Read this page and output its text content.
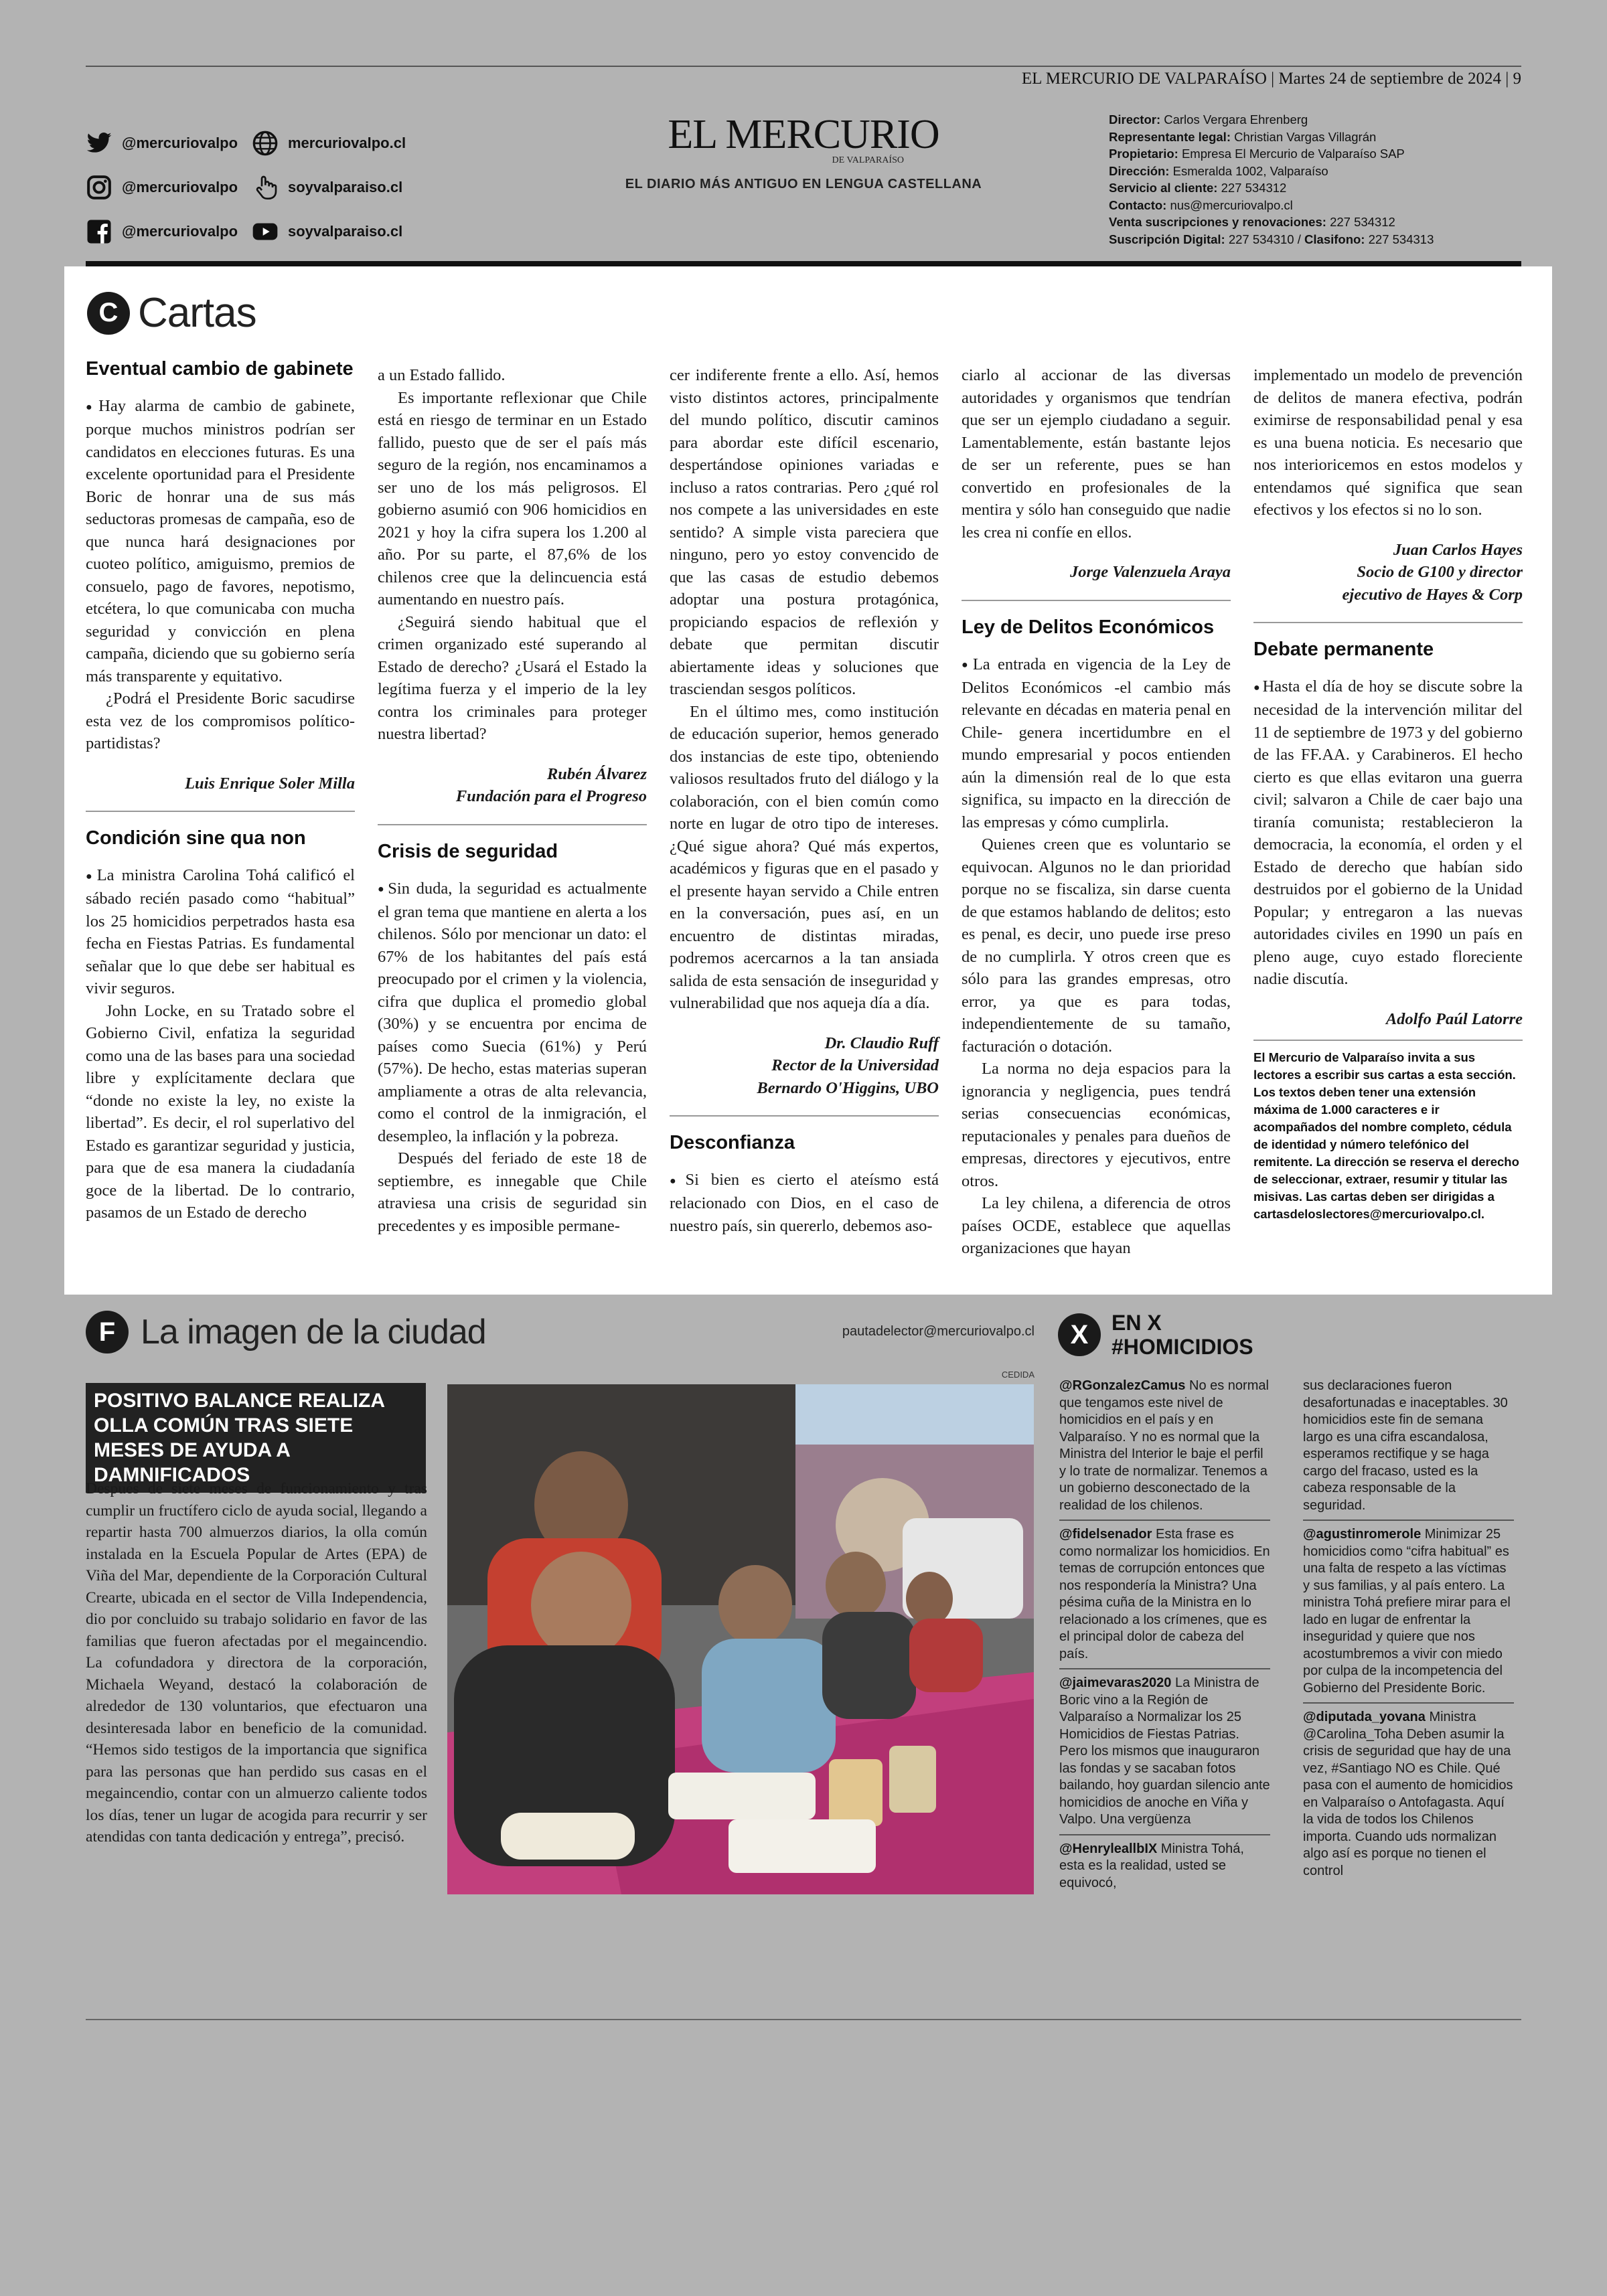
EL MERCURIO DE VALPARAÍSO | Martes 24 de septiembre de 2024 | 9
@mercuriovalpo	mercuriovalpo.cl
@mercuriovalpo	soyvalparaiso.cl
@mercuriovalpo	soyvalparaiso.cl
EL MERCURIO
DE VALPARAÍSO
EL DIARIO MÁS ANTIGUO EN LENGUA CASTELLANA
Director: Carlos Vergara Ehrenberg
Representante legal: Christian Vargas Villagrán
Propietario: Empresa El Mercurio de Valparaíso SAP
Dirección: Esmeralda 1002, Valparaíso
Servicio al cliente: 227 534312
Contacto: nus@mercuriovalpo.cl
Venta suscripciones y renovaciones: 227 534312
Suscripción Digital: 227 534310 / Clasifono: 227 534313
C Cartas
Eventual cambio de gabinete

● Hay alarma de cambio de gabinete, porque muchos ministros podrían ser candidatos en elecciones futuras. Es una excelente oportunidad para el Presidente Boric de honrar una de sus más seductoras promesas de campaña, eso de que nunca hará designaciones por cuoteo político, amiguismo, premios de consuelo, pago de favores, nepotismo, etcétera, lo que comunicaba con mucha seguridad y convicción en plena campaña, diciendo que su gobierno sería más transparente y equitativo.

¿Podrá el Presidente Boric sacudirse esta vez de los compromisos político-partidistas?

Luis Enrique Soler Milla
Condición sine qua non

● La ministra Carolina Tohá calificó el sábado recién pasado como “habitual” los 25 homicidios perpetrados hasta esa fecha en Fiestas Patrias. Es fundamental señalar que lo que debe ser habitual es vivir seguros.

John Locke, en su Tratado sobre el Gobierno Civil, enfatiza la seguridad como una de las bases para una sociedad libre y explícitamente declara que “donde no existe la ley, no existe la libertad”. Es decir, el rol superlativo del Estado es garantizar seguridad y justicia, para que de esa manera la ciudadanía goce de la libertad. De lo contrario, pasamos de un Estado de derecho

a un Estado fallido.

Es importante reflexionar que Chile está en riesgo de terminar en un Estado fallido, puesto que de ser el país más seguro de la región, nos encaminamos a ser uno de los más peligrosos. El gobierno asumió con 906 homicidios en 2021 y hoy la cifra supera los 1.200 al año. Por su parte, el 87,6% de los chilenos cree que la delincuencia está aumentando en nuestro país.

¿Seguirá siendo habitual que el crimen organizado esté superando al Estado de derecho? ¿Usará el Estado la legítima fuerza y el imperio de la ley contra los criminales para proteger nuestra libertad?

Rubén Álvarez
Fundación para el Progreso
Crisis de seguridad

● Sin duda, la seguridad es actualmente el gran tema que mantiene en alerta a los chilenos. Sólo por mencionar un dato: el 67% de los habitantes del país está preocupado por el crimen y la violencia, cifra que duplica el promedio global (30%) y se encuentra por encima de países como Suecia (61%) y Perú (57%). De hecho, estas materias superan ampliamente a otras de alta relevancia, como el control de la inmigración, el desempleo, la inflación y la pobreza.

Después del feriado de este 18 de septiembre, es innegable que Chile atraviesa una crisis de seguridad sin precedentes y es imposible permane-

cer indiferente frente a ello. Así, hemos visto distintos actores, principalmente del mundo político, discutir caminos para abordar este difícil escenario, despertándose opiniones variadas e incluso a ratos contrarias. Pero ¿qué rol nos compete a las universidades en este sentido? A simple vista pareciera que ninguno, pero yo estoy convencido de que las casas de estudio debemos adoptar una postura protagónica, propiciando espacios de reflexión y debate que permitan discutir abiertamente ideas y soluciones que trasciendan sesgos políticos.

En el último mes, como institución de educación superior, hemos generado dos instancias de este tipo, obteniendo valiosos resultados fruto del diálogo y la colaboración, con el bien común como norte en lugar de otro tipo de intereses. ¿Qué sigue ahora? Qué más expertos, académicos y figuras que en el pasado y el presente hayan servido a Chile entren en la conversación, pues así, en un encuentro de distintas miradas, podremos acercarnos a la tan ansiada salida de esta sensación de inseguridad y vulnerabilidad que nos aqueja día a día.

Dr. Claudio Ruff
Rector de la Universidad
Bernardo O'Higgins, UBO
Desconfianza

● Si bien es cierto el ateísmo está relacionado con Dios, en el caso de nuestro país, sin quererlo, debemos aso-

ciarlo al accionar de las diversas autoridades y organismos que tendrían que ser un ejemplo ciudadano a seguir. Lamentablemente, están bastante lejos de ser un referente, pues se han convertido en profesionales de la mentira y sólo han conseguido que nadie les crea ni confíe en ellos.

Jorge Valenzuela Araya
Ley de Delitos Económicos

● La entrada en vigencia de la Ley de Delitos Económicos -el cambio más relevante en décadas en materia penal en Chile- genera incertidumbre en el mundo empresarial y pocos entienden aún la dimensión real de lo que esta significa, su impacto en la dirección de las empresas y cómo cumplirla.

Quienes creen que es voluntario se equivocan. Algunos no le dan prioridad porque no se fiscaliza, sin darse cuenta de que estamos hablando de delitos; esto es penal, es decir, uno puede irse preso de no cumplirla. Y otros creen que es sólo para las grandes empresas, otro error, ya que es para todas, independientemente de su tamaño, facturación o dotación.

La norma no deja espacios para la ignorancia y negligencia, pues tendrá serias consecuencias económicas, reputacionales y penales para dueños de empresas, directores y ejecutivos, entre otros.

La ley chilena, a diferencia de otros países OCDE, establece que aquellas organizaciones que hayan

implementado un modelo de prevención de delitos de manera efectiva, podrán eximirse de responsabilidad penal y esa es una buena noticia. Es necesario que nos interioricemos en estos modelos y entendamos qué significa que sean efectivos y los efectos si no lo son.

Juan Carlos Hayes
Socio de G100 y director
ejecutivo de Hayes & Corp
Debate permanente

● Hasta el día de hoy se discute sobre la necesidad de la intervención militar del 11 de septiembre de 1973 y del gobierno de las FF.AA. y Carabineros. El hecho cierto es que ellas evitaron una guerra civil; salvaron a Chile de caer bajo una tiranía comunista; restablecieron la democracia, la economía, el orden y el Estado de derecho que habían sido destruidos por el gobierno de la Unidad Popular; y entregaron a las nuevas autoridades civiles en 1990 un país en pleno auge, cuyo estado floreciente nadie discutía.

Adolfo Paúl Latorre
El Mercurio de Valparaíso invita a sus lectores a escribir sus cartas a esta sección. Los textos deben tener una extensión máxima de 1.000 caracteres e ir acompañados del nombre completo, cédula de identidad y número telefónico del remitente. La dirección se reserva el derecho de seleccionar, extraer, resumir y titular las misivas. Las cartas deben ser dirigidas a cartasdeloslectores@mercuriovalpo.cl.
F La imagen de la ciudad	pautadelector@mercuriovalpo.cl
CEDIDA
POSITIVO BALANCE REALIZA OLLA COMÚN TRAS SIETE MESES DE AYUDA A DAMNIFICADOS
Después de siete meses de funcionamiento y tras cumplir un fructífero ciclo de ayuda social, llegando a repartir hasta 700 almuerzos diarios, la olla común instalada en la Escuela Popular de Artes (EPA) de Viña del Mar, dependiente de la Corporación Cultural Crearte, ubicada en el sector de Villa Independencia, dio por concluido su trabajo solidario en favor de las familias que fueron afectadas por el megaincendio. La cofundadora y directora de la corporación, Michaela Weyand, destacó la colaboración de alrededor de 130 voluntarios, que efectuaron una desinteresada labor en beneficio de la comunidad. “Hemos sido testigos de la importancia que significa para las personas que han perdido sus casas en el megaincendio, contar con un almuerzo caliente todos los días, tener un lugar de acogida para recurrir y ser atendidas con tanta dedicación y entrega”, precisó.
X	EN X
#HOMICIDIOS
@RGonzalezCamus No es normal que tengamos este nivel de homicidios en el país y en Valparaíso. Y no es normal que la Ministra del Interior le baje el perfil y lo trate de normalizar. Tenemos a un gobierno desconectado de la realidad de los chilenos.
@fidelsenador Esta frase es como normalizar los homicidios. En temas de corrupción entonces que nos respondería la Ministra? Una pésima cuña de la Ministra en lo relacionado a los crímenes, que es el principal dolor de cabeza del país.
@jaimevaras2020 La Ministra de Boric vino a la Región de Valparaíso a Normalizar los 25 Homicidios de Fiestas Patrias. Pero los mismos que inauguraron las fondas y se sacaban fotos bailando, hoy guardan silencio ante homicidios de anoche en Viña y Valpo. Una vergüenza
@HenryleallbIX Ministra Tohá, esta es la realidad, usted se equivocó,
sus declaraciones fueron desafortunadas e inaceptables. 30 homicidios este fin de semana largo es una cifra escandalosa, esperamos rectifique y se haga cargo del fracaso, usted es la cabeza responsable de la seguridad.
@agustinromerole Minimizar 25 homicidios como “cifra habitual” es una falta de respeto a las víctimas y sus familias, y al país entero. La ministra Tohá prefiere mirar para el lado en lugar de enfrentar la inseguridad y quiere que nos acostumbremos a vivir con miedo por culpa de la incompetencia del Gobierno del Presidente Boric.
@diputada_yovana Ministra @Carolina_Toha Deben asumir la crisis de seguridad que hay de una vez, #Santiago NO es Chile. Qué pasa con el aumento de homicidios en Valparaíso o Antofagasta. Aquí la vida de todos los Chilenos importa. Cuando uds normalizan algo así es porque no tienen el control
